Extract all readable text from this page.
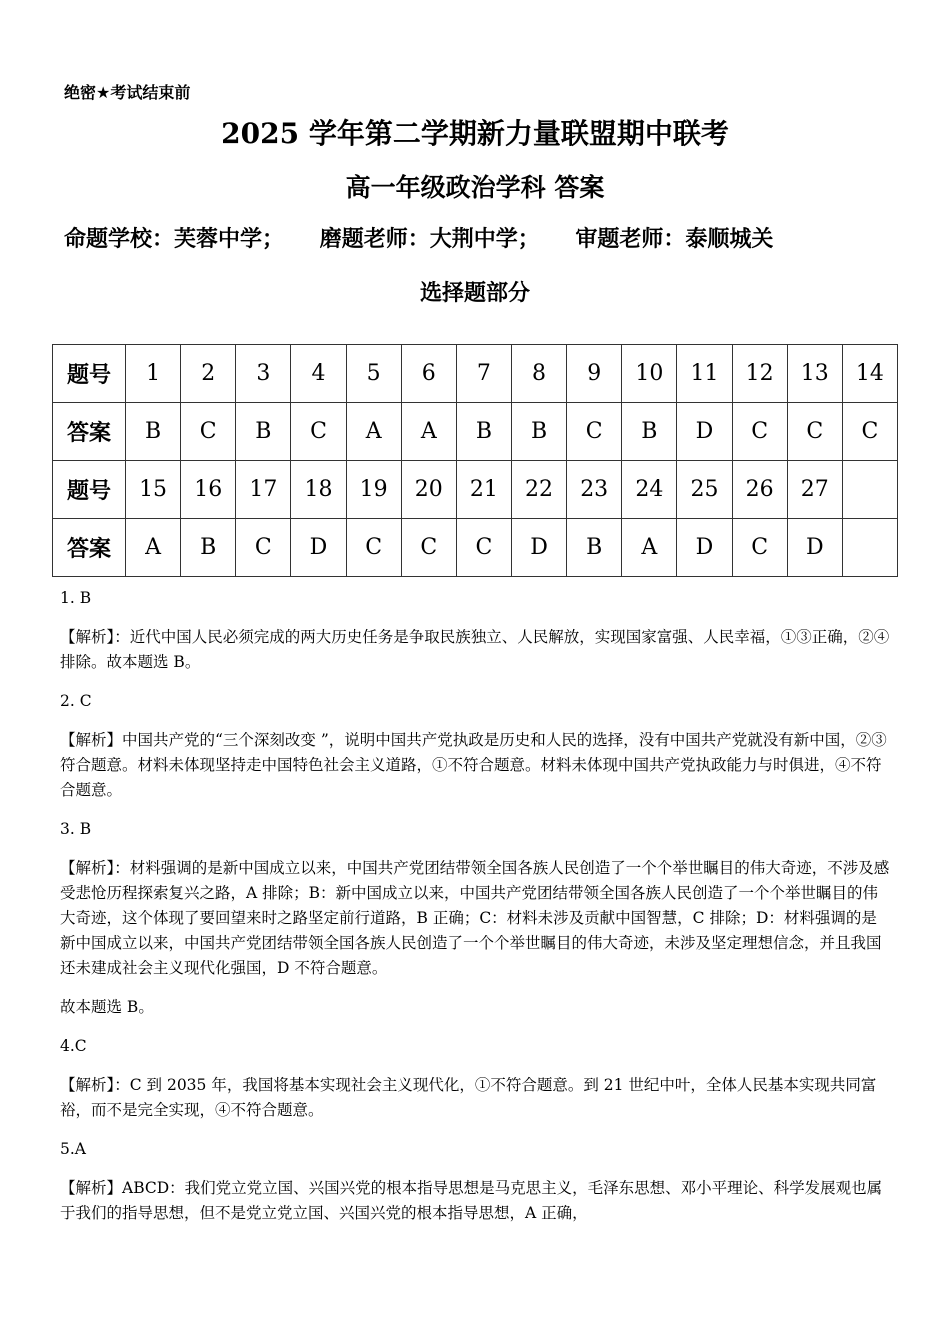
绝密★考试结束前
2025 学年第二学期新力量联盟期中联考
高一年级政治学科 答案
命题学校：芙蓉中学； 磨题老师：大荆中学； 审题老师：泰顺城关
选择题部分
题号	1	2	3	4	5	6	7	8	9	10	11	12	13	14
答案	B	C	B	C	A	A	B	B	C	B	D	C	C	C
题号	15	16	17	18	19	20	21	22	23	24	25	26	27	
答案	A	B	C	D	C	C	C	D	B	A	D	C	D	

1. B

【解析】：近代中国人民必须完成的两大历史任务是争取民族独立、人民解放，实现国家富强、人民幸福，①③正确，②④排除。故本题选 B。

2. C

【解析】中国共产党的“三个深刻改变 ”，说明中国共产党执政是历史和人民的选择，没有中国共产党就没有新中国，②③符合题意。材料未体现坚持走中国特色社会主义道路，①不符合题意。材料未体现中国共产党执政能力与时俱进，④不符合题意。

3. B

【解析】：材料强调的是新中国成立以来，中国共产党团结带领全国各族人民创造了一个个举世瞩目的伟大奇迹，不涉及感受悲怆历程探索复兴之路，A 排除；B：新中国成立以来，中国共产党团结带领全国各族人民创造了一个个举世瞩目的伟大奇迹，这个体现了要回望来时之路坚定前行道路，B 正确；C：材料未涉及贡献中国智慧，C 排除；D：材料强调的是新中国成立以来，中国共产党团结带领全国各族人民创造了一个个举世瞩目的伟大奇迹，未涉及坚定理想信念，并且我国还未建成社会主义现代化强国，D 不符合题意。

故本题选 B。

4.C

【解析】：C 到 2035 年，我国将基本实现社会主义现代化，①不符合题意。到 21 世纪中叶，全体人民基本实现共同富裕，而不是完全实现，④不符合题意。

5.A

【解析】ABCD：我们党立党立国、兴国兴党的根本指导思想是马克思主义，毛泽东思想、邓小平理论、科学发展观也属于我们的指导思想，但不是党立党立国、兴国兴党的根本指导思想，A 正确，
